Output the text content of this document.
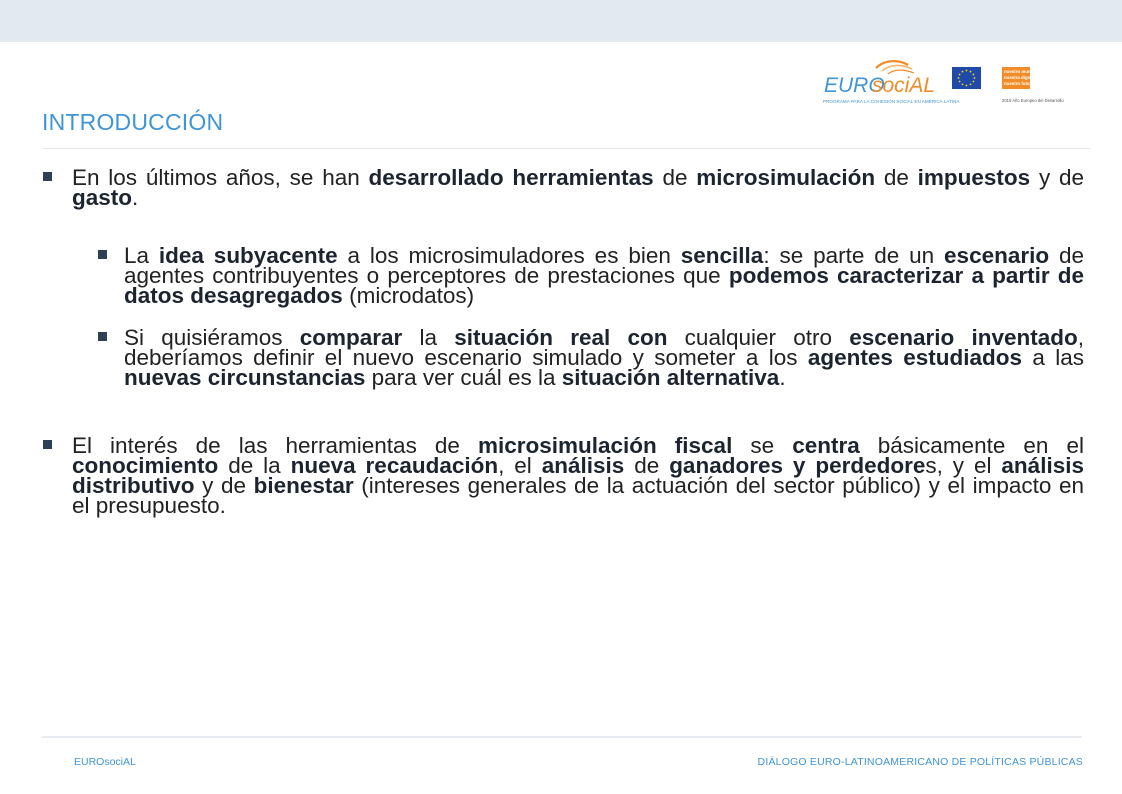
EURO
sociAL
PROGRAMA PARA LA COHESIÓN SOCIAL EN AMÉRICA LATINA
nuestro mundo
nuestra dignidad
nuestro futuro
2015 Año Europeo del Desarrollo
INTRODUCCIÓN
En los últimos años, se han desarrollado herramientas de microsimulación de impuestos y de gasto.
La idea subyacente a los microsimuladores es bien sencilla: se parte de un escenario de agentes contribuyentes o perceptores de prestaciones que podemos caracterizar a partir de datos desagregados (microdatos)
Si quisiéramos comparar la situación real con cualquier otro escenario inventado, deberíamos definir el nuevo escenario simulado y someter a los agentes estudiados a las nuevas circunstancias para ver cuál es la situación alternativa.
El interés de las herramientas de microsimulación fiscal se centra básicamente en el conocimiento de la nueva recaudación, el análisis de ganadores y perdedores, y el análisis distributivo y de bienestar (intereses generales de la actuación del sector público) y el impacto en el presupuesto.
EUROsociAL	DIÁLOGO EURO-LATINOAMERICANO DE POLÍTICAS PÚBLICAS
